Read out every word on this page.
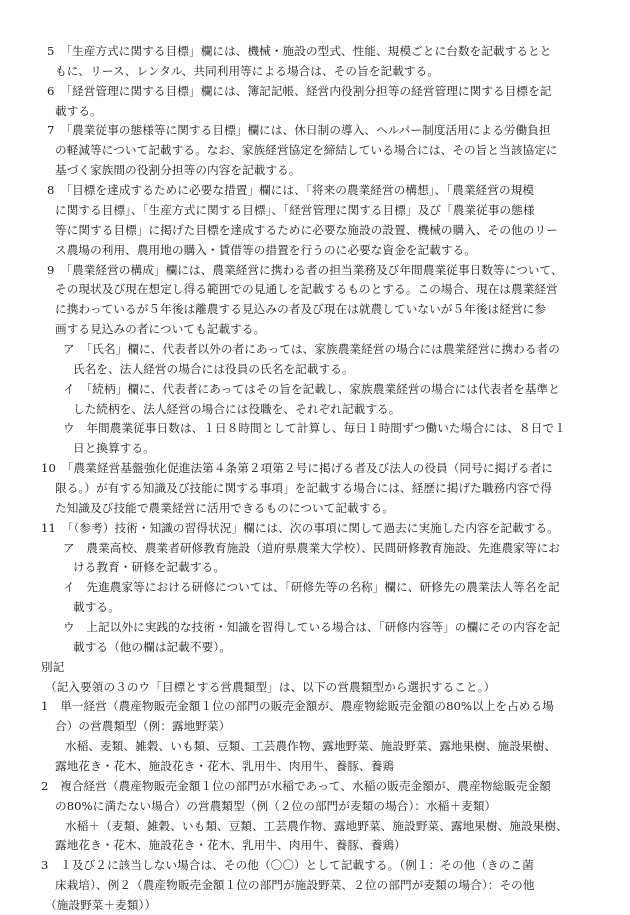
5　「生産方式に関する目標」欄には、機械・施設の型式、性能、規模ごとに台数を記載するとと
もに、リース、レンタル、共同利用等による場合は、その旨を記載する。
6　「経営管理に関する目標」欄には、簿記記帳、経営内役割分担等の経営管理に関する目標を記
載する。
7　「農業従事の態様等に関する目標」欄には、休日制の導入、ヘルパー制度活用による労働負担
の軽減等について記載する。なお、家族経営協定を締結している場合には、その旨と当該協定に
基づく家族間の役割分担等の内容を記載する。
8　「目標を達成するために必要な措置」欄には、「将来の農業経営の構想」、「農業経営の規模
に関する目標」、「生産方式に関する目標」、「経営管理に関する目標」及び「農業従事の態様
等に関する目標」に掲げた目標を達成するために必要な施設の設置、機械の購入、その他のリー
ス農場の利用、農用地の購入・賃借等の措置を行うのに必要な資金を記載する。
9　「農業経営の構成」欄には、農業経営に携わる者の担当業務及び年間農業従事日数等について、
その現状及び現在想定し得る範囲での見通しを記載するものとする。この場合、現在は農業経営
に携わっているが５年後は離農する見込みの者及び現在は就農していないが５年後は経営に参
画する見込みの者についても記載する。
ア　「氏名」欄に、代表者以外の者にあっては、家族農業経営の場合には農業経営に携わる者の
氏名を、法人経営の場合には役員の氏名を記載する。
イ　「続柄」欄に、代表者にあってはその旨を記載し、家族農業経営の場合には代表者を基準と
した続柄を、法人経営の場合には役職を、それぞれ記載する。
ウ　年間農業従事日数は、１日８時間として計算し、毎日１時間ずつ働いた場合には、８日で１
日と換算する。
10　「農業経営基盤強化促進法第４条第２項第２号に掲げる者及び法人の役員（同号に掲げる者に
限る。）が有する知識及び技能に関する事項」を記載する場合には、経歴に掲げた職務内容で得
た知識及び技能で農業経営に活用できるものについて記載する。
11　「（参考）技術・知識の習得状況」欄には、次の事項に関して過去に実施した内容を記載する。
ア　農業高校、農業者研修教育施設（道府県農業大学校）、民間研修教育施設、先進農家等にお
ける教育・研修を記載する。
イ　先進農家等における研修については、「研修先等の名称」欄に、研修先の農業法人等名を記
載する。
ウ　上記以外に実践的な技術・知識を習得している場合は、「研修内容等」の欄にその内容を記
載する（他の欄は記載不要）。
別記
（記入要領の３のウ「目標とする営農類型」は、以下の営農類型から選択すること。）
1　単一経営（農産物販売金額１位の部門の販売金額が、農産物総販売金額の80%以上を占める場
合）の営農類型（例：露地野菜）
水稲、麦類、雑穀、いも類、豆類、工芸農作物、露地野菜、施設野菜、露地果樹、施設果樹、
露地花き・花木、施設花き・花木、乳用牛、肉用牛、養豚、養鶏
2　複合経営（農産物販売金額１位の部門が水稲であって、水稲の販売金額が、農産物総販売金額
の80%に満たない場合）の営農類型（例（２位の部門が麦類の場合）：水稲＋麦類）
水稲＋（麦類、雑穀、いも類、豆類、工芸農作物、露地野菜、施設野菜、露地果樹、施設果樹、
露地花き・花木、施設花き・花木、乳用牛、肉用牛、養豚、養鶏）
3　１及び２に該当しない場合は、その他（〇〇）として記載する。（例１：その他（きのこ菌
床栽培）、例２（農産物販売金額１位の部門が施設野菜、２位の部門が麦類の場合）：その他
（施設野菜＋麦類））
